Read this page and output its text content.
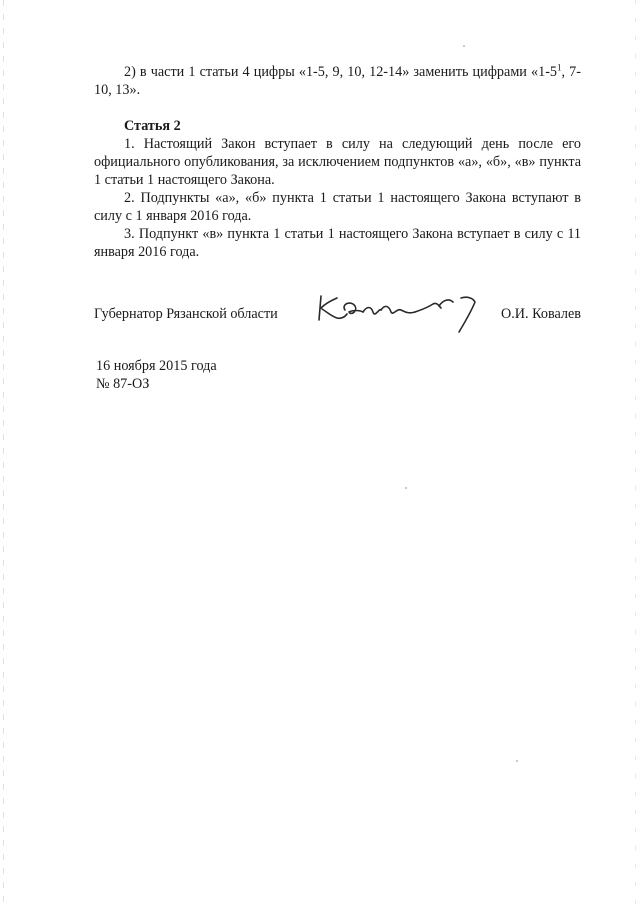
2) в части 1 статьи 4 цифры «1-5, 9, 10, 12-14» заменить цифрами «$1-5^1$, 7-10, 13».

Статья 2

1. Настоящий Закон вступает в силу на следующий день после его официального опубликования, за исключением подпунктов «а», «б», «в» пункта 1 статьи 1 настоящего Закона.

2. Подпункты «а», «б» пункта 1 статьи 1 настоящего Закона вступают в силу с 1 января 2016 года.

3. Подпункт «в» пункта 1 статьи 1 настоящего Закона вступает в силу с 11 января 2016 года.

Губернатор Рязанской области	О.И. Ковалев
16 ноября 2015 года
№ 87-ОЗ
